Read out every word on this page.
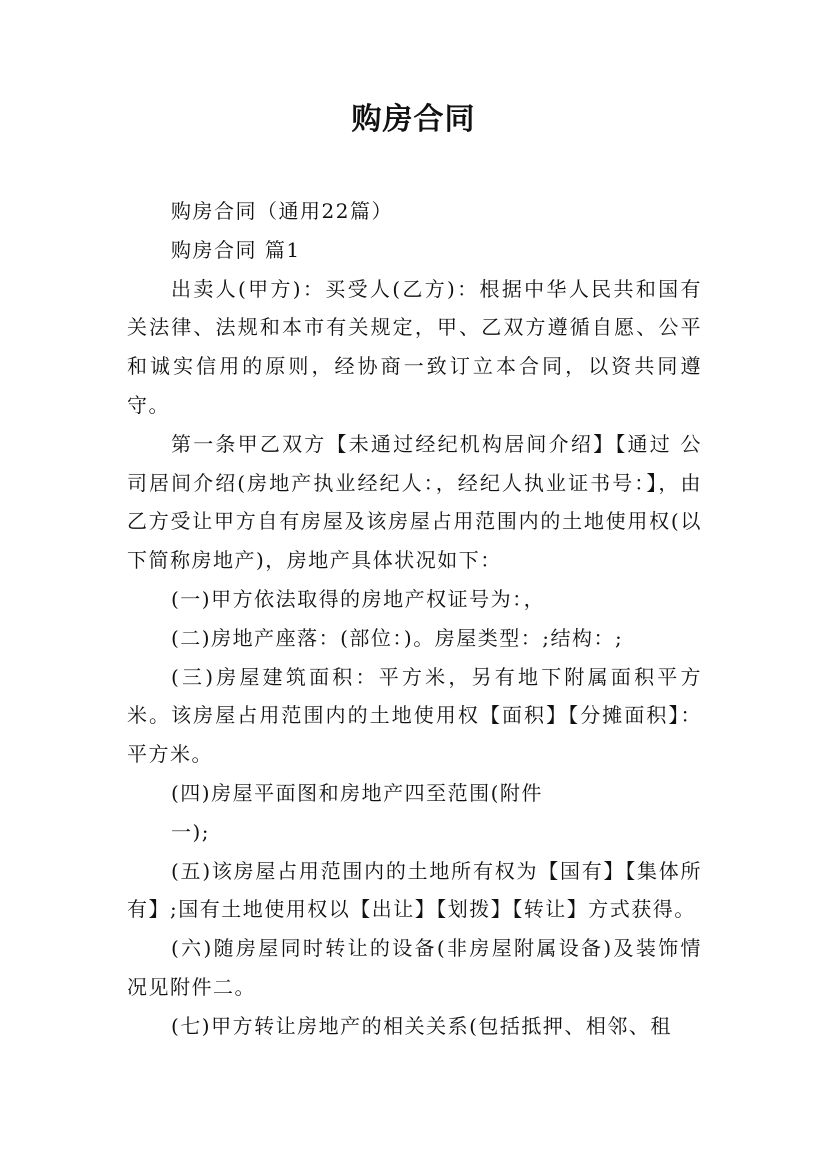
购房合同

购房合同（通用22篇）

购房合同 篇1

出卖人(甲方)：买受人(乙方)：根据中华人民共和国有关法律、法规和本市有关规定，甲、乙双方遵循自愿、公平和诚实信用的原则，经协商一致订立本合同，以资共同遵守。

第一条甲乙双方【未通过经纪机构居间介绍】【通过 公司居间介绍(房地产执业经纪人：，经纪人执业证书号：】，由乙方受让甲方自有房屋及该房屋占用范围内的土地使用权(以下简称房地产)，房地产具体状况如下：

(一)甲方依法取得的房地产权证号为：，

(二)房地产座落：(部位：)。房屋类型：;结构：;

(三)房屋建筑面积：平方米，另有地下附属面积平方米。该房屋占用范围内的土地使用权【面积】【分摊面积】：平方米。

(四)房屋平面图和房地产四至范围(附件

一);

(五)该房屋占用范围内的土地所有权为【国有】【集体所有】;国有土地使用权以【出让】【划拨】【转让】方式获得。

(六)随房屋同时转让的设备(非房屋附属设备)及装饰情况见附件二。

(七)甲方转让房地产的相关关系(包括抵押、相邻、租
